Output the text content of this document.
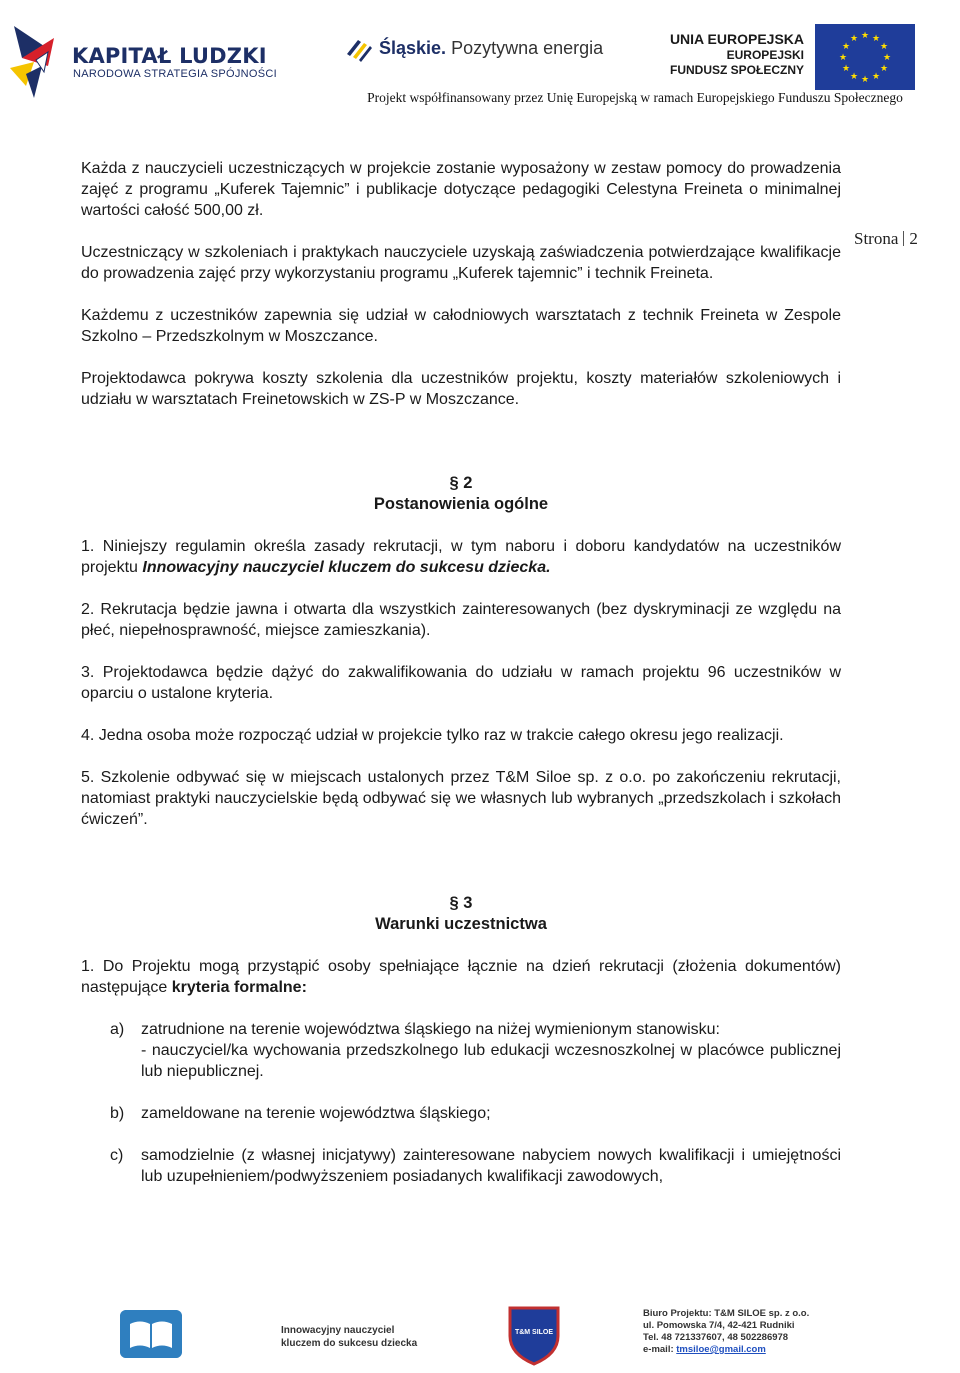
KAPITAŁ LUDZKI
NARODOWA STRATEGIA SPÓJNOŚCI
Śląskie. Pozytywna energia	UNIA EUROPEJSKA
EUROPEJSKI
FUNDUSZ SPOŁECZNY
★ ★
★
★
★
★
★
★
★
★
★
★
Projekt współfinansowany przez Unię Europejską w ramach Europejskiego Funduszu Społecznego
Strona 2

Każda z nauczycieli uczestniczących w projekcie zostanie wyposażony w zestaw pomocy do prowadzenia zajęć z programu „Kuferek Tajemnic” i publikacje dotyczące pedagogiki Celestyna Freineta o minimalnej wartości całość 500,00 zł.

Uczestniczący w szkoleniach i praktykach nauczyciele uzyskają zaświadczenia potwierdzające kwalifikacje do prowadzenia zajęć przy wykorzystaniu programu „Kuferek tajemnic” i technik Freineta.

Każdemu z uczestników zapewnia się udział w całodniowych warsztatach z technik Freineta w Zespole Szkolno – Przedszkolnym w Moszczance.

Projektodawca pokrywa koszty szkolenia dla uczestników projektu, koszty materiałów szkoleniowych i udziału w warsztatach Freinetowskich w ZS-P w Moszczance.

§ 2
Postanowienia ogólne

1. Niniejszy regulamin określa zasady rekrutacji, w tym naboru i doboru kandydatów na uczestników projektu Innowacyjny nauczyciel kluczem do sukcesu dziecka.

2. Rekrutacja będzie jawna i otwarta dla wszystkich zainteresowanych (bez dyskryminacji ze względu na płeć, niepełnosprawność, miejsce zamieszkania).

3. Projektodawca będzie dążyć do zakwalifikowania do udziału w ramach projektu 96 uczestników w oparciu o ustalone kryteria.

4. Jedna osoba może rozpocząć udział w projekcie tylko raz w trakcie całego okresu jego realizacji.

5. Szkolenie odbywać się w miejscach ustalonych przez T&M Siloe sp. z o.o. po zakończeniu rekrutacji, natomiast praktyki nauczycielskie będą odbywać się we własnych lub wybranych „przedszkolach i szkołach ćwiczeń”.

§ 3
Warunki uczestnictwa

1. Do Projektu mogą przystąpić osoby spełniające łącznie na dzień rekrutacji (złożenia dokumentów) następujące kryteria formalne:

a) zatrudnione na terenie województwa śląskiego na niżej wymienionym stanowisku:
- nauczyciel/ka wychowania przedszkolnego lub edukacji wczesnoszkolnej w placówce publicznej lub niepublicznej.
b) zameldowane na terenie województwa śląskiego;
c) samodzielnie (z własnej inicjatywy) zainteresowane nabyciem nowych kwalifikacji i umiejętności lub uzupełnieniem/podwyższeniem posiadanych kwalifikacji zawodowych,
Innowacyjny nauczyciel
kluczem do sukcesu dziecka
T&M SILOE
Biuro Projektu: T&M SILOE sp. z o.o.
ul. Pomowska 7/4, 42-421 Rudniki
Tel. 48 721337607, 48 502286978
e-mail: tmsiloe@gmail.com
